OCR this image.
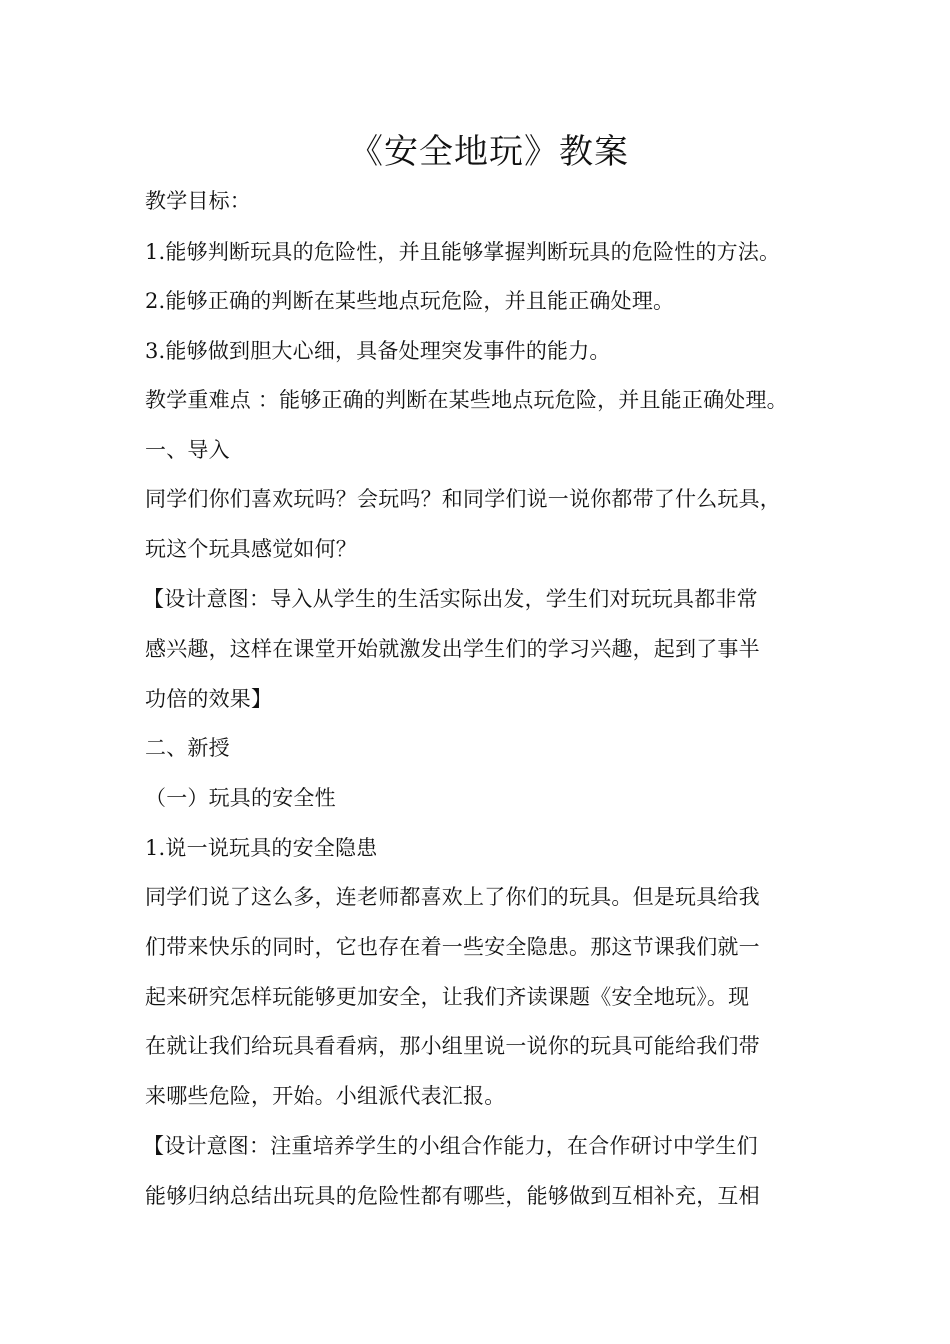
《安全地玩》教案
教学目标：
1.能够判断玩具的危险性，并且能够掌握判断玩具的危险性的方法。
2.能够正确的判断在某些地点玩危险，并且能正确处理。
3.能够做到胆大心细，具备处理突发事件的能力。
教学重难点 ：能够正确的判断在某些地点玩危险，并且能正确处理。
一、导入
同学们你们喜欢玩吗？会玩吗？和同学们说一说你都带了什么玩具，
玩这个玩具感觉如何？
【设计意图：导入从学生的生活实际出发，学生们对玩玩具都非常
感兴趣，这样在课堂开始就激发出学生们的学习兴趣，起到了事半
功倍的效果】
二、新授
（一）玩具的安全性
1.说一说玩具的安全隐患
同学们说了这么多，连老师都喜欢上了你们的玩具。但是玩具给我
们带来快乐的同时，它也存在着一些安全隐患。那这节课我们就一
起来研究怎样玩能够更加安全，让我们齐读课题《安全地玩》。现
在就让我们给玩具看看病，那小组里说一说你的玩具可能给我们带
来哪些危险，开始。小组派代表汇报。
【设计意图：注重培养学生的小组合作能力，在合作研讨中学生们
能够归纳总结出玩具的危险性都有哪些，能够做到互相补充，互相
